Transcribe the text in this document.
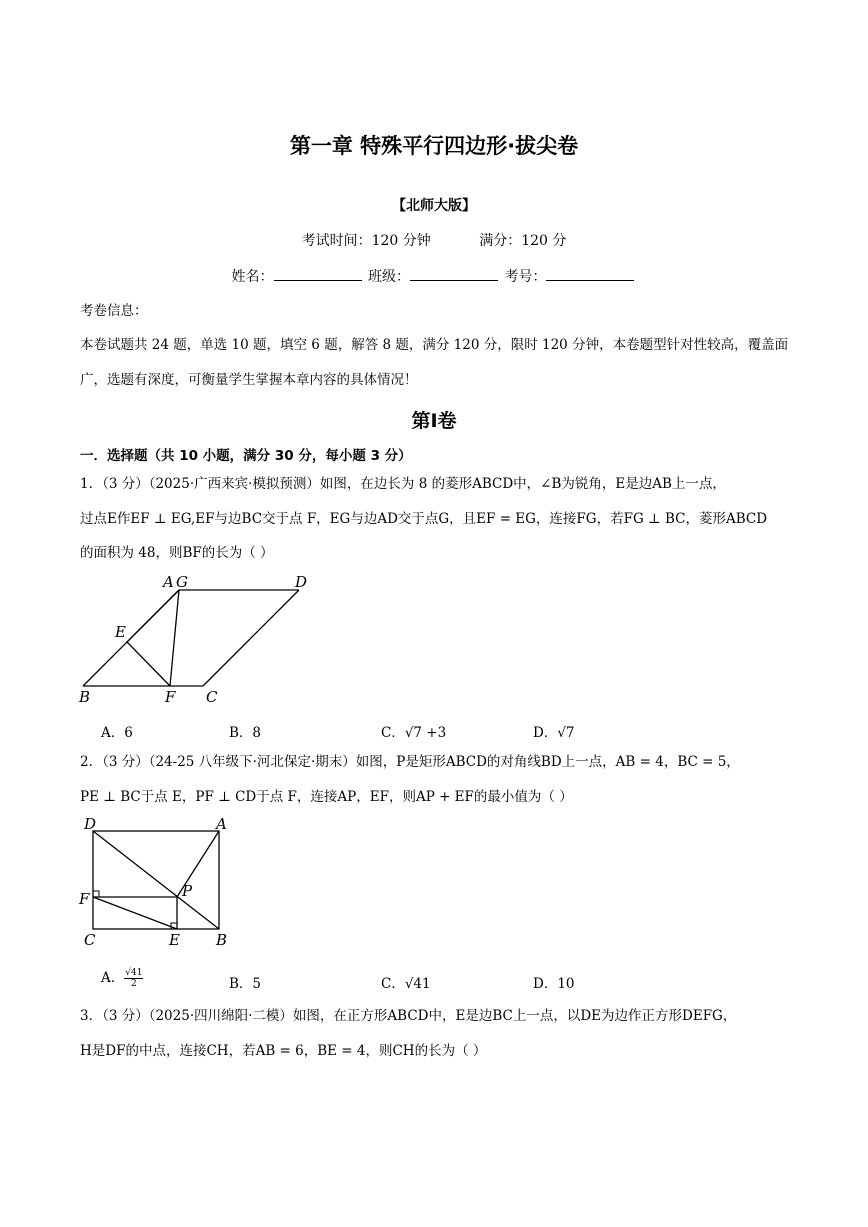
第一章 特殊平行四边形·拔尖卷
【北师大版】
考试时间：120 分钟	满分：120 分
姓名：	班级：	考号：
考卷信息：
本卷试题共 24 题，单选 10 题，填空 6 题，解答 8 题，满分 120 分，限时 120 分钟，本卷题型针对性较高，覆盖面广，选题有深度，可衡量学生掌握本章内容的具体情况！
第Ⅰ卷
一．选择题（共 10 小题，满分 30 分，每小题 3 分）
1．（3 分）（2025·广西来宾·模拟预测）如图，在边长为 8 的菱形ABCD中，∠B为锐角，E是边AB上一点，
过点E作EF ⊥ EG,EF与边BC交于点 F，EG与边AD交于点G，且EF = EG，连接FG，若FG ⊥ BC，菱形ABCD
的面积为 48，则BF的长为（ ）
A G	D
E
B	F C
A．6	B．8	C．√7 +3	D．√7
2．（3 分）（24-25 八年级下·河北保定·期末）如图，P是矩形ABCD的对角线BD上一点，AB = 4，BC = 5，
PE ⊥ BC于点 E，PF ⊥ CD于点 F，连接AP，EF，则AP + EF的最小值为（ ）
D	A
P
F
C	E B
A． $\frac{√41}{2}$	B．5	C．√41	D．10
3．（3 分）（2025·四川绵阳·二模）如图，在正方形ABCD中，E是边BC上一点，以DE为边作正方形DEFG，
H是DF的中点，连接CH，若AB = 6，BE = 4，则CH的长为（ ）
